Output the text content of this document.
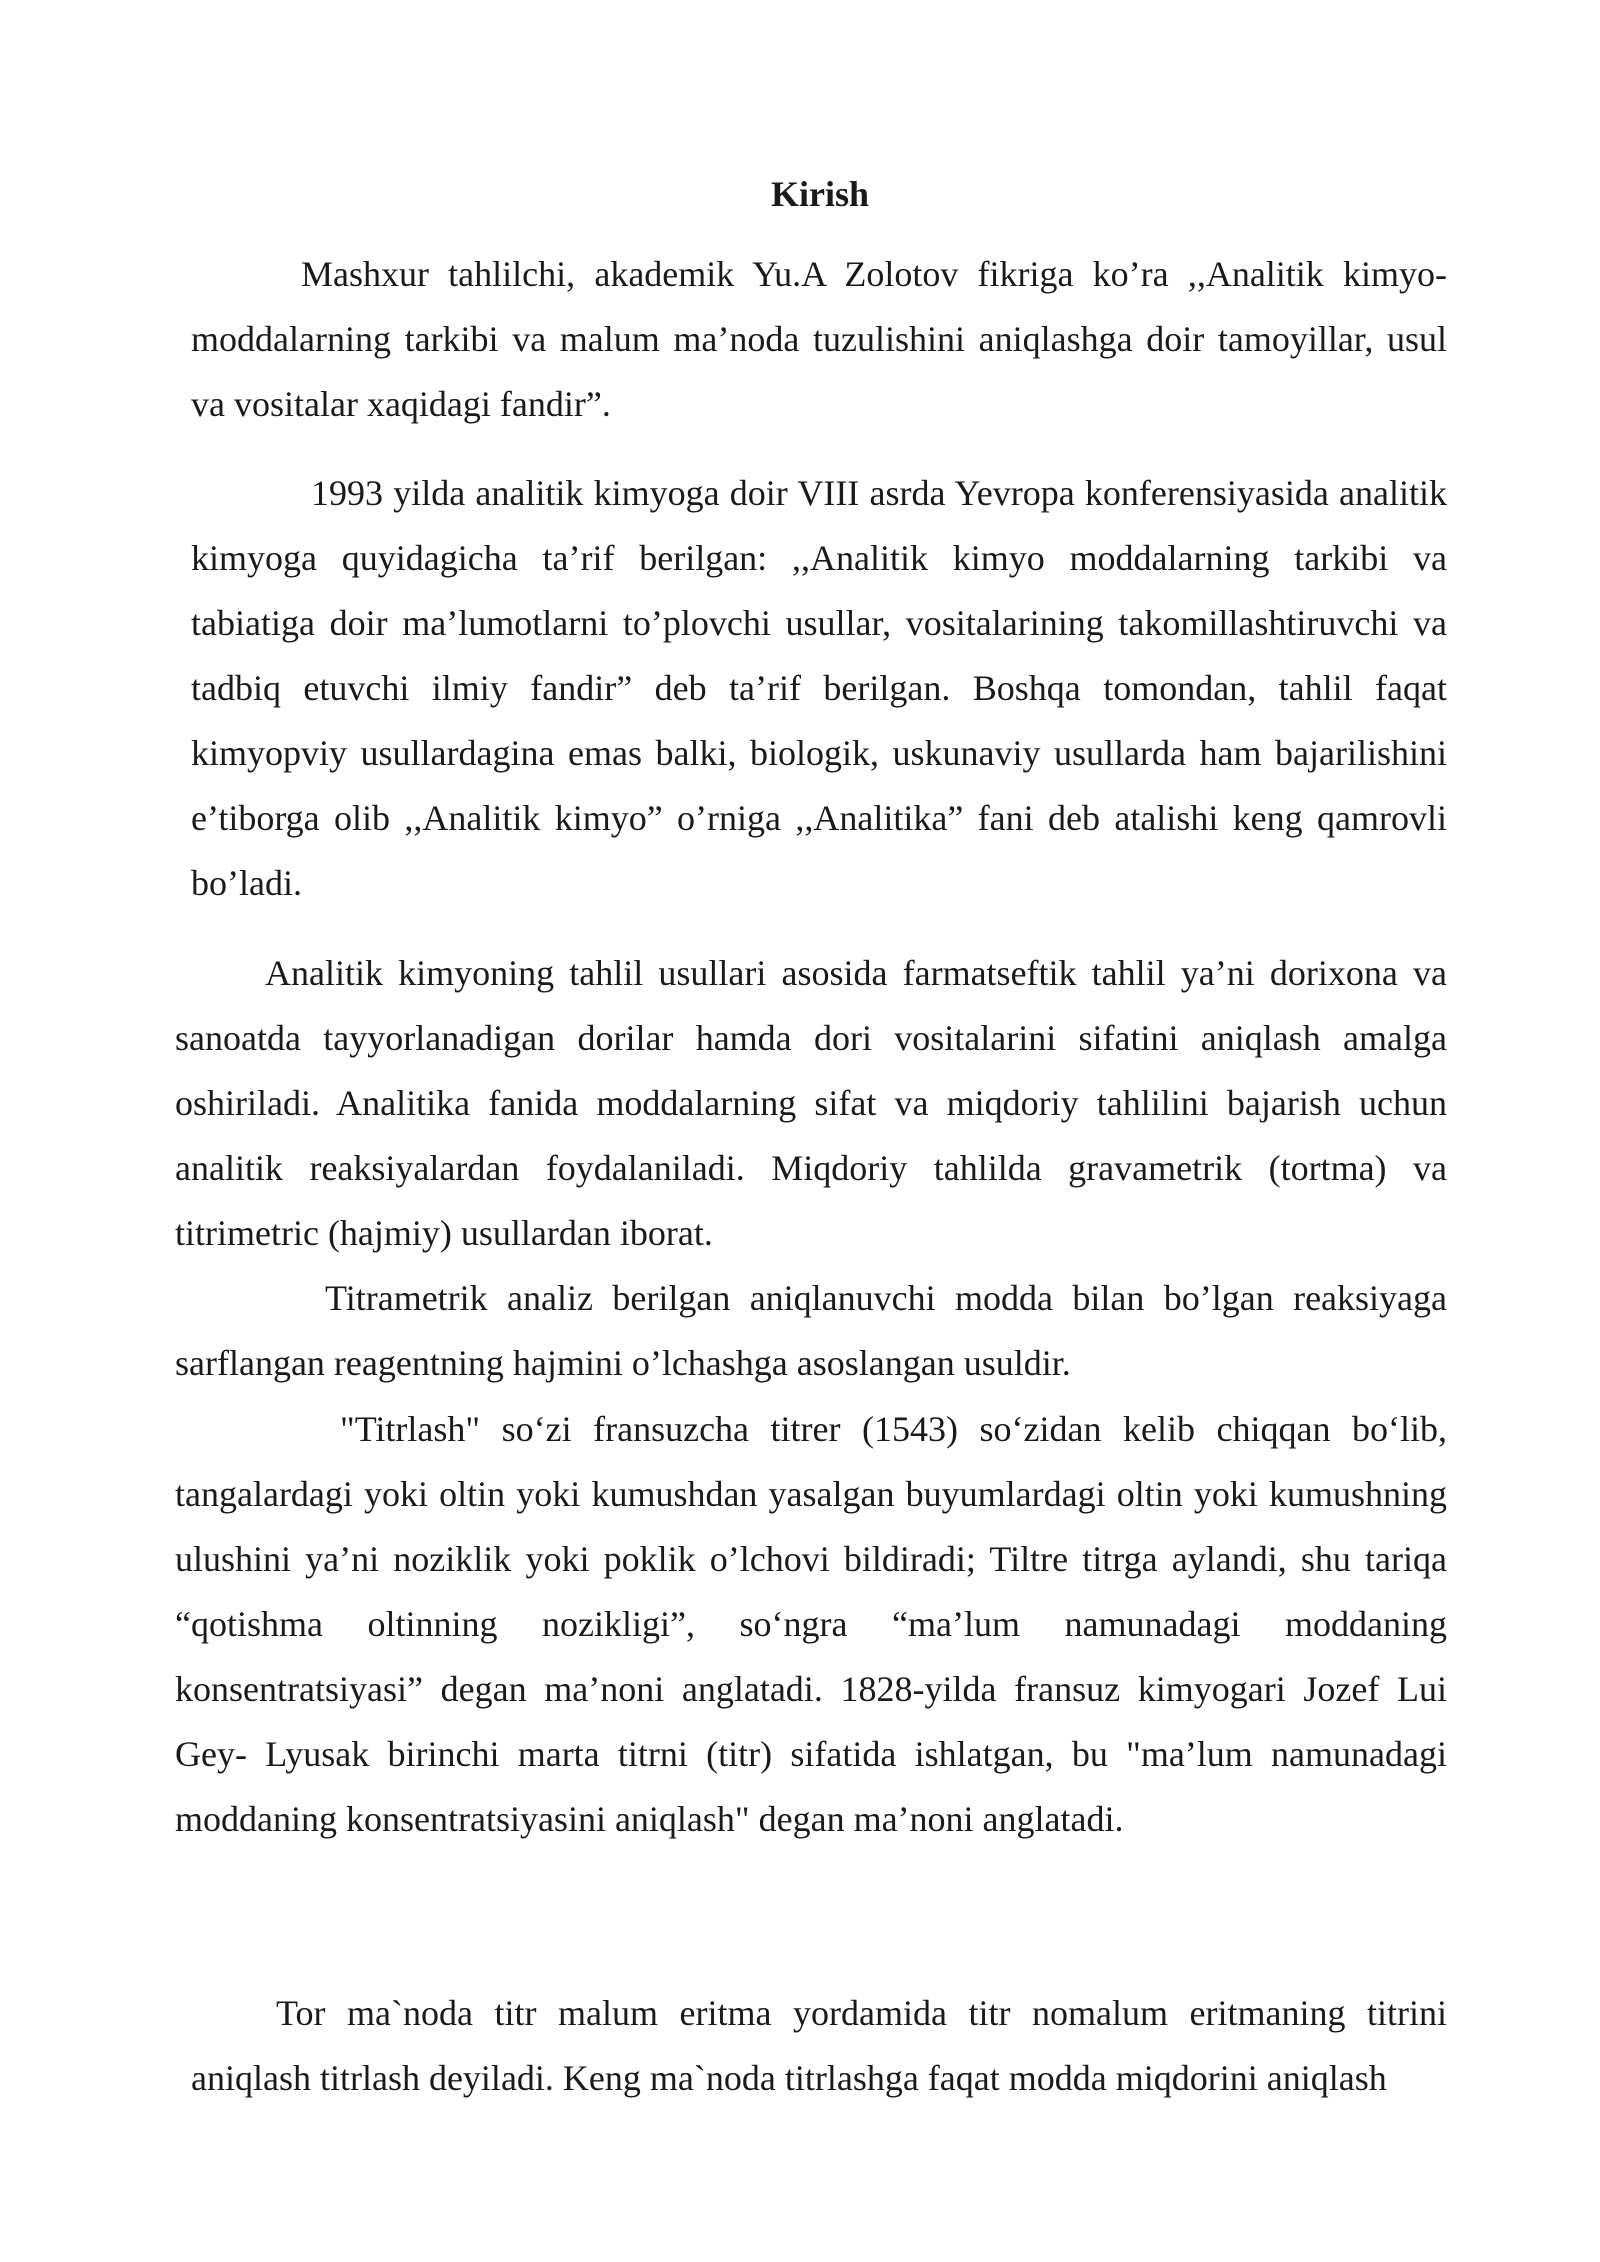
Kirish

Mashxur tahlilchi, akademik Yu.A Zolotov fikriga ko’ra ,,Analitik kimyo-moddalarning tarkibi va malum ma’noda tuzulishini aniqlashga doir tamoyillar, usul va vositalar xaqidagi fandir”.

1993 yilda analitik kimyoga doir VIII asrda Yevropa konferensiyasida analitik kimyoga quyidagicha ta’rif berilgan: ,,Analitik kimyo moddalarning tarkibi va tabiatiga doir ma’lumotlarni to’plovchi usullar, vositalarining takomillashtiruvchi va tadbiq etuvchi ilmiy fandir” deb ta’rif berilgan. Boshqa tomondan, tahlil faqat kimyopviy usullardagina emas balki, biologik, uskunaviy usullarda ham bajarilishini e’tiborga olib ,,Analitik kimyo” o’rniga ,,Analitika” fani deb atalishi keng qamrovli bo’ladi.

Analitik kimyoning tahlil usullari asosida farmatseftik tahlil ya’ni dorixona va sanoatda tayyorlanadigan dorilar hamda dori vositalarini sifatini aniqlash amalga oshiriladi. Analitika fanida moddalarning sifat va miqdoriy tahlilini bajarish uchun analitik reaksiyalardan foydalaniladi. Miqdoriy tahlilda gravametrik (tortma) va titrimetric (hajmiy) usullardan iborat.

Titrametrik analiz berilgan aniqlanuvchi modda bilan bo’lgan reaksiyaga sarflangan reagentning hajmini o’lchashga asoslangan usuldir.

"Titrlash" so‘zi fransuzcha titrer (1543) so‘zidan kelib chiqqan bo‘lib, tangalardagi yoki oltin yoki kumushdan yasalgan buyumlardagi oltin yoki kumushning ulushini ya’ni noziklik yoki poklik o’lchovi bildiradi; Tiltre titrga aylandi, shu tariqa “qotishma oltinning nozikligi”, so‘ngra “ma’lum namunadagi moddaning konsentratsiyasi” degan ma’noni anglatadi. 1828-yilda fransuz kimyogari Jozef Lui Gey- Lyusak birinchi marta titrni (titr) sifatida ishlatgan, bu "ma’lum namunadagi moddaning konsentratsiyasini aniqlash" degan ma’noni anglatadi.

Tor ma`noda titr malum eritma yordamida titr nomalum eritmaning titrini aniqlash titrlash deyiladi. Keng ma`noda titrlashga faqat modda miqdorini aniqlash
